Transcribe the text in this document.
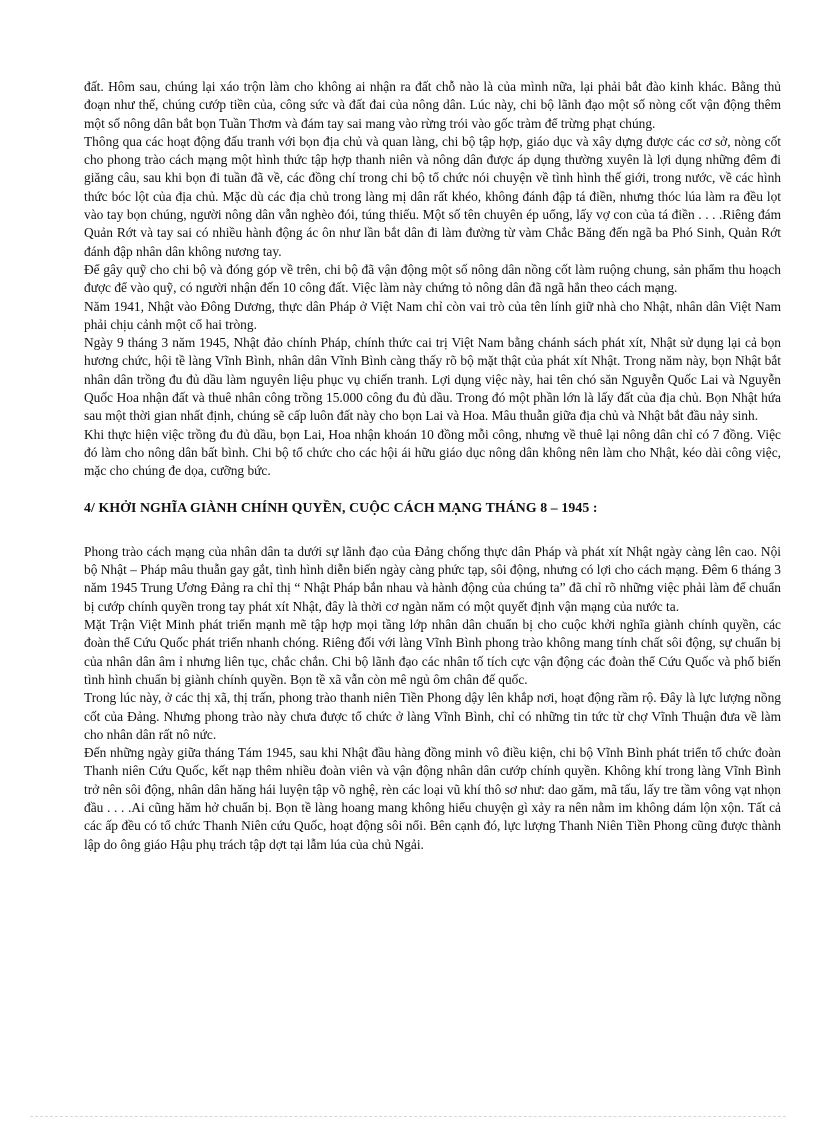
đất. Hôm sau, chúng lại xáo trộn làm cho không ai nhận ra đất chỗ nào là của mình nữa, lại phải bắt đào kinh khác. Bằng thủ đoạn như thế, chúng cướp tiền của, công sức và đất đai của nông dân. Lúc này, chi bộ lãnh đạo một số nòng cốt vận động thêm một số nông dân bắt bọn Tuần Thơm và đám tay sai mang vào rừng trói vào gốc tràm để trừng phạt chúng.

Thông qua các hoạt động đấu tranh với bọn địa chủ và quan làng, chi bộ tập hợp, giáo dục và xây dựng được các cơ sở, nòng cốt cho phong trào cách mạng một hình thức tập hợp thanh niên và nông dân được áp dụng thường xuyên là lợi dụng những đêm đi giăng câu, sau khi bọn đi tuần đã về, các đồng chí trong chi bộ tổ chức nói chuyện về tình hình thế giới, trong nước, về các hình thức bóc lột của địa chủ. Mặc dù các địa chủ trong làng mị dân rất khéo, không đánh đập tá điền, nhưng thóc lúa làm ra đều lọt vào tay bọn chúng, người nông dân vẫn nghèo đói, túng thiếu. Một số tên chuyên ép uổng, lấy vợ con của tá điền . . . .Riêng đám Quản Rớt và tay sai có nhiều hành động ác ôn như lần bắt dân đi làm đường từ vàm Chắc Băng đến ngã ba Phó Sinh, Quản Rớt đánh đập nhân dân không nương tay.

Để gây quỹ cho chi bộ và đóng góp về trên, chi bộ đã vận động một số nông dân nồng cốt làm ruộng chung, sản phẩm thu hoạch được để vào quỹ, có người nhận đến 10 công đất. Việc làm này chứng tỏ nông dân đã ngã hẳn theo cách mạng.

Năm 1941, Nhật vào Đông Dương, thực dân Pháp ở Việt Nam chỉ còn vai trò của tên lính giữ nhà cho Nhật, nhân dân Việt Nam phải chịu cảnh một cổ hai tròng.

Ngày 9 tháng 3 năm 1945, Nhật đảo chính Pháp, chính thức cai trị Việt Nam bằng chánh sách phát xít, Nhật sử dụng lại cả bọn hương chức, hội tề làng Vĩnh Bình, nhân dân Vĩnh Bình càng thấy rõ bộ mặt thật của phát xít Nhật. Trong năm này, bọn Nhật bắt nhân dân trồng đu đủ dầu làm nguyên liệu phục vụ chiến tranh. Lợi dụng việc này, hai tên chó săn Nguyễn Quốc Lai và Nguyễn Quốc Hoa nhận đất và thuê nhân công trồng 15.000 công đu đủ dầu. Trong đó một phần lớn là lấy đất của địa chủ. Bọn Nhật hứa sau một thời gian nhất định, chúng sẽ cấp luôn đất này cho bọn Lai và Hoa. Mâu thuẫn giữa địa chủ và Nhật bắt đầu nảy sinh.

Khi thực hiện việc trồng đu đủ dầu, bọn Lai, Hoa nhận khoán 10 đồng mỗi công, nhưng về thuê lại nông dân chỉ có 7 đồng. Việc đó làm cho nông dân bất bình. Chi bộ tổ chức cho các hội ái hữu giáo dục nông dân không nên làm cho Nhật, kéo dài công việc, mặc cho chúng đe dọa, cưỡng bức.

4/ KHỞI NGHĨA GIÀNH CHÍNH QUYỀN, CUỘC CÁCH MẠNG THÁNG 8 – 1945 :

Phong trào cách mạng của nhân dân ta dưới sự lãnh đạo của Đảng chống thực dân Pháp và phát xít Nhật ngày càng lên cao. Nội bộ Nhật – Pháp mâu thuẫn gay gắt, tình hình diễn biến ngày càng phức tạp, sôi động, nhưng có lợi cho cách mạng. Đêm 6 tháng 3 năm 1945 Trung Ương Đảng ra chỉ thị “ Nhật Pháp bắn nhau và hành động của chúng ta” đã chỉ rõ những việc phải làm để chuẩn bị cướp chính quyền trong tay phát xít Nhật, đây là thời cơ ngàn năm có một quyết định vận mạng của nước ta.

Mặt Trận Việt Minh phát triển mạnh mẽ tập hợp mọi tầng lớp nhân dân chuẩn bị cho cuộc khởi nghĩa giành chính quyền, các đoàn thể Cứu Quốc phát triển nhanh chóng. Riêng đối với làng Vĩnh Bình phong trào không mang tính chất sôi động, sự chuẩn bị của nhân dân âm ỉ nhưng liên tục, chắc chắn. Chi bộ lãnh đạo các nhân tố tích cực vận động các đoàn thể Cứu Quốc và phổ biến tình hình chuẩn bị giành chính quyền. Bọn tề xã vẫn còn mê ngủ ôm chân đế quốc.

Trong lúc này, ở các thị xã, thị trấn, phong trào thanh niên Tiền Phong dậy lên khắp nơi, hoạt động rầm rộ. Đây là lực lượng nồng cốt của Đảng. Nhưng phong trào này chưa được tổ chức ở làng Vĩnh Bình, chỉ có những tin tức từ chợ Vĩnh Thuận đưa về làm cho nhân dân rất nô nức.

Đến những ngày giữa tháng Tám 1945, sau khi Nhật đầu hàng đồng minh vô điều kiện, chi bộ Vĩnh Bình phát triển tổ chức đoàn Thanh niên Cứu Quốc, kết nạp thêm nhiều đoàn viên và vận động nhân dân cướp chính quyền. Không khí trong làng Vĩnh Bình trở nên sôi động, nhân dân hăng hái luyện tập võ nghệ, rèn các loại vũ khí thô sơ như: dao găm, mã tấu, lấy tre tầm vông vạt nhọn đầu . . . .Ai cũng hăm hở chuẩn bị. Bọn tề làng hoang mang không hiểu chuyện gì xảy ra nên nằm im không dám lộn xộn. Tất cả các ấp đều có tổ chức Thanh Niên cứu Quốc, hoạt động sôi nổi. Bên cạnh đó, lực lượng Thanh Niên Tiền Phong cũng được thành lập do ông giáo Hậu phụ trách tập dợt tại lẫm lúa của chủ Ngải.
